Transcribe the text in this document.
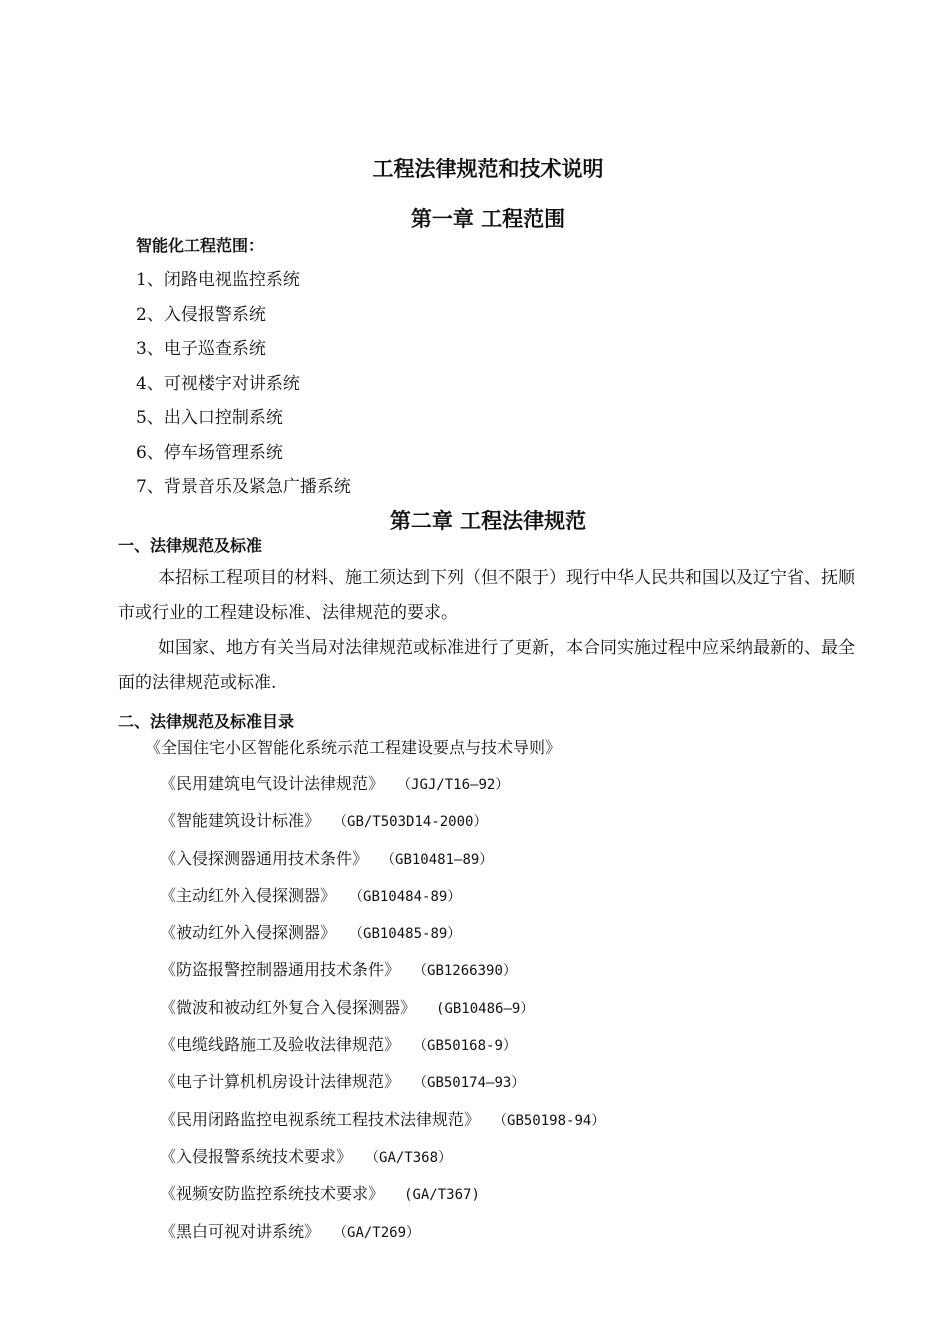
工程法律规范和技术说明
第一章 工程范围
智能化工程范围：
1、闭路电视监控系统
2、入侵报警系统
3、电子巡查系统
4、可视楼宇对讲系统
5、出入口控制系统
6、停车场管理系统
7、背景音乐及紧急广播系统
第二章 工程法律规范
一、法律规范及标准
本招标工程项目的材料、施工须达到下列（但不限于）现行中华人民共和国以及辽宁省、抚顺市或行业的工程建设标准、法律规范的要求。
如国家、地方有关当局对法律规范或标准进行了更新，本合同实施过程中应采纳最新的、最全面的法律规范或标准.
二、法律规范及标准目录
《全国住宅小区智能化系统示范工程建设要点与技术导则》
《民用建筑电气设计法律规范》 （JGJ/T16—92）
《智能建筑设计标准》 （GB/T503D14-2000）
《入侵探测器通用技术条件》 （GB10481—89）
《主动红外入侵探测器》 （GB10484-89）
《被动红外入侵探测器》 （GB10485-89）
《防盗报警控制器通用技术条件》 （GB1266390）
《微波和被动红外复合入侵探测器》 (GB10486—9）
《电缆线路施工及验收法律规范》 （GB50168-9）
《电子计算机机房设计法律规范》 （GB50174—93）
《民用闭路监控电视系统工程技术法律规范》 （GB50198-94）
《入侵报警系统技术要求》 （GA/T368）
《视频安防监控系统技术要求》 (GA/T367)
《黑白可视对讲系统》 （GA/T269）
